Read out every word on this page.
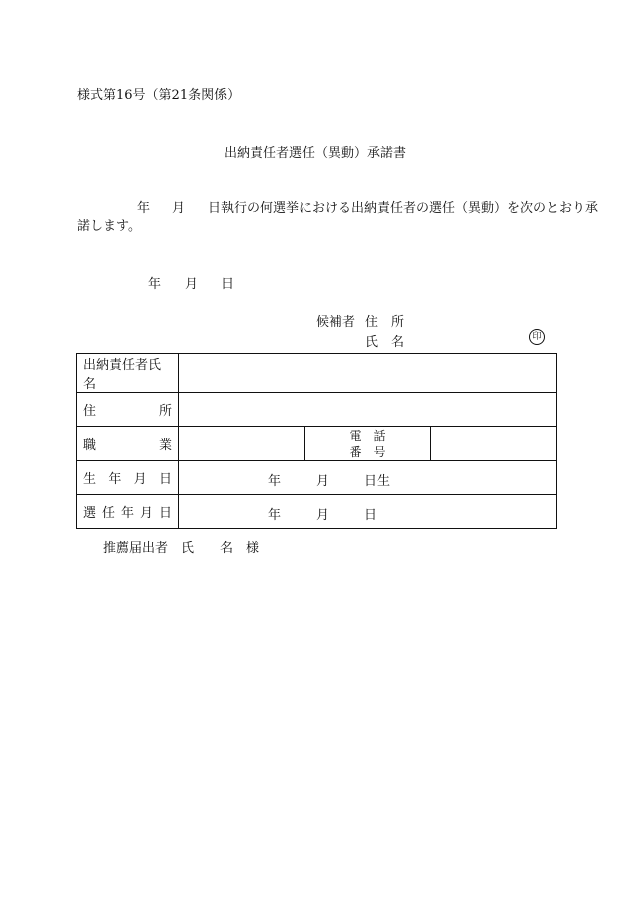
様式第16号（第21条関係）
出納責任者選任（異動）承諾書
年 月 日執行の何選挙における出納責任者の選任（異動）を次のとおり承
諾します。
年 月 日
候補者 住　所
氏　名	印
出納責任者氏名			

住 所			

職 業		電　話
番　号	

生 年 月 日	年 月 日生		

選 任 年 月 日	年 月 日		
推薦届出者　氏　　名　様
